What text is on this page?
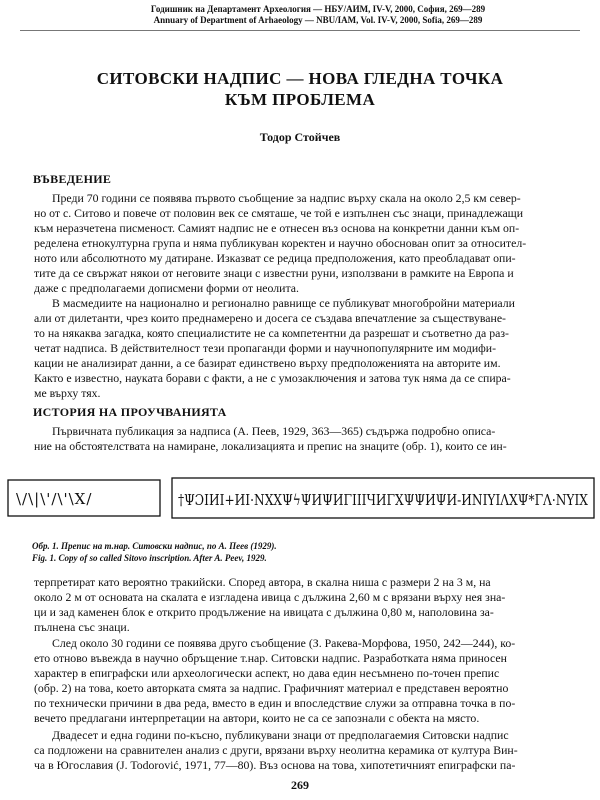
Годишник на Департамент Археология — НБУ/АИМ, IV-V, 2000, София, 269—289
Annuary of Department of Arhaeology — NBU/IAM, Vol. IV-V, 2000, Sofia, 269—289
СИТОВСКИ НАДПИС — НОВА ГЛЕДНА ТОЧКА
КЪМ ПРОБЛЕМА
Тодор Стойчев
ВЪВЕДЕНИЕ
Преди 70 години се появява първото съобщение за надпис върху скала на около 2,5 км север-
но от с. Ситово и повече от половин век се смяташе, че той е изпълнен със знаци, принадлежащи
към неразчетена писменост. Самият надпис не е отнесен въз основа на конкретни данни към оп-
ределена етнокултурна група и няма публикуван коректен и научно обоснован опит за относител-
ното или абсолютното му датиране. Изказват се редица предположения, като преобладават опи-
тите да се свържат някои от неговите знаци с известни руни, използвани в рамките на Европа и
даже с предполагаеми допиcмени форми от неолита.
В масмедиите на национално и регионално равнище се публикуват многобройни материали
али от дилетанти, чрез които преднамерено и досега се създава впечатление за съществуване-
то на някаква загадка, която специалистите не са компетентни да разрешат и съответно да раз-
четат надписа. В действителност тези пропаганди форми и научнопопулярните им модифи-
кации не анализират данни, а се базират единствено върху предположенията на авторите им.
Както е известно, науката борави с факти, а не с умозаключения и затова тук няма да се спира-
ме върху тях.
ИСТОРИЯ НА ПРОУЧВАНИЯТА
Първичната публикация за надписа (А. Пеев, 1929, 363—365) съдържа подробно описа-
ние на обстоятелствата на намиране, локализацията и препис на знаците (обр. 1), които се ин-
\/\|\'/\'\X/	†ΨƆΙИΙ+ИΙ·ΝΧΧΨϟΨИΨИΓΙΙΙЧИΓХΨΨИΨИ-ИΝΙΥΙΛΧΨ*ΓΛ·ΝΥΙΧ
Обр. 1. Препис на т.нар. Ситовски надпис, по А. Пеев (1929).
Fig. 1. Copy of so called Sitovo inscription. After A. Peev, 1929.
терпретират като вероятно тракийски. Според автора, в скална ниша с размери 2 на 3 м, на
около 2 м от основата на скалата е изгладена ивица с дължина 2,60 м с врязани върху нея зна-
ци и зад каменен блок е открито продължение на ивицата с дължина 0,80 м, наполовина за-
пълнена със знаци.
След около 30 години се появява друго съобщение (З. Ракева-Морфова, 1950, 242—244), ко-
ето отново въвежда в научно обръщение т.нар. Ситовски надпис. Разработката няма приносен
характер в епиграфски или археологически аспект, но дава един несъмнено по-точен препис
(обр. 2) на това, което авторката смята за надпис. Графичният материал е представен вероятно
по технически причини в два реда, вместо в един и впоследствие служи за отправна точка в по-
вечето предлагани интерпретации на автори, които не са се запознали с обекта на място.
Двадесет и една години по-късно, публикувани знаци от предполагаемия Ситовски надпис
са подложени на сравнителен анализ с други, врязани върху неолитна керамика от култура Вин-
ча в Югославия (J. Todorović, 1971, 77—80). Въз основа на това, хипотетичният епиграфски па-
269
